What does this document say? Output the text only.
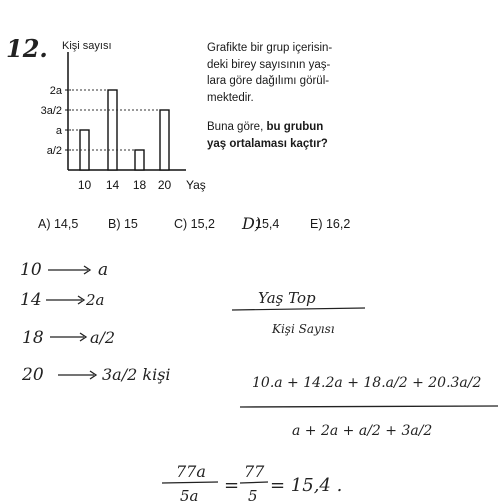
12. Kişi sayısı
2a
3a/2
a
a/2
10 14 18 20 Yaş
Grafikte bir grup içerisin-
deki birey sayısının yaş-
lara göre dağılımı görül-
mektedir.
Buna göre, bu grubun
yaş ortalaması kaçtır?
A) 14,5 B) 15	C) 15,2 D)
15,4 E) 16,2
10	a
14	2a
18	a/2
20	3a/2 kişi
Yaş Top
Kişi Sayısı
10.a + 14.2a + 18.a/2 + 20.3a/2
a + 2a + a/2 + 3a/2
77a
5a =
77
5 = 15,4 .
